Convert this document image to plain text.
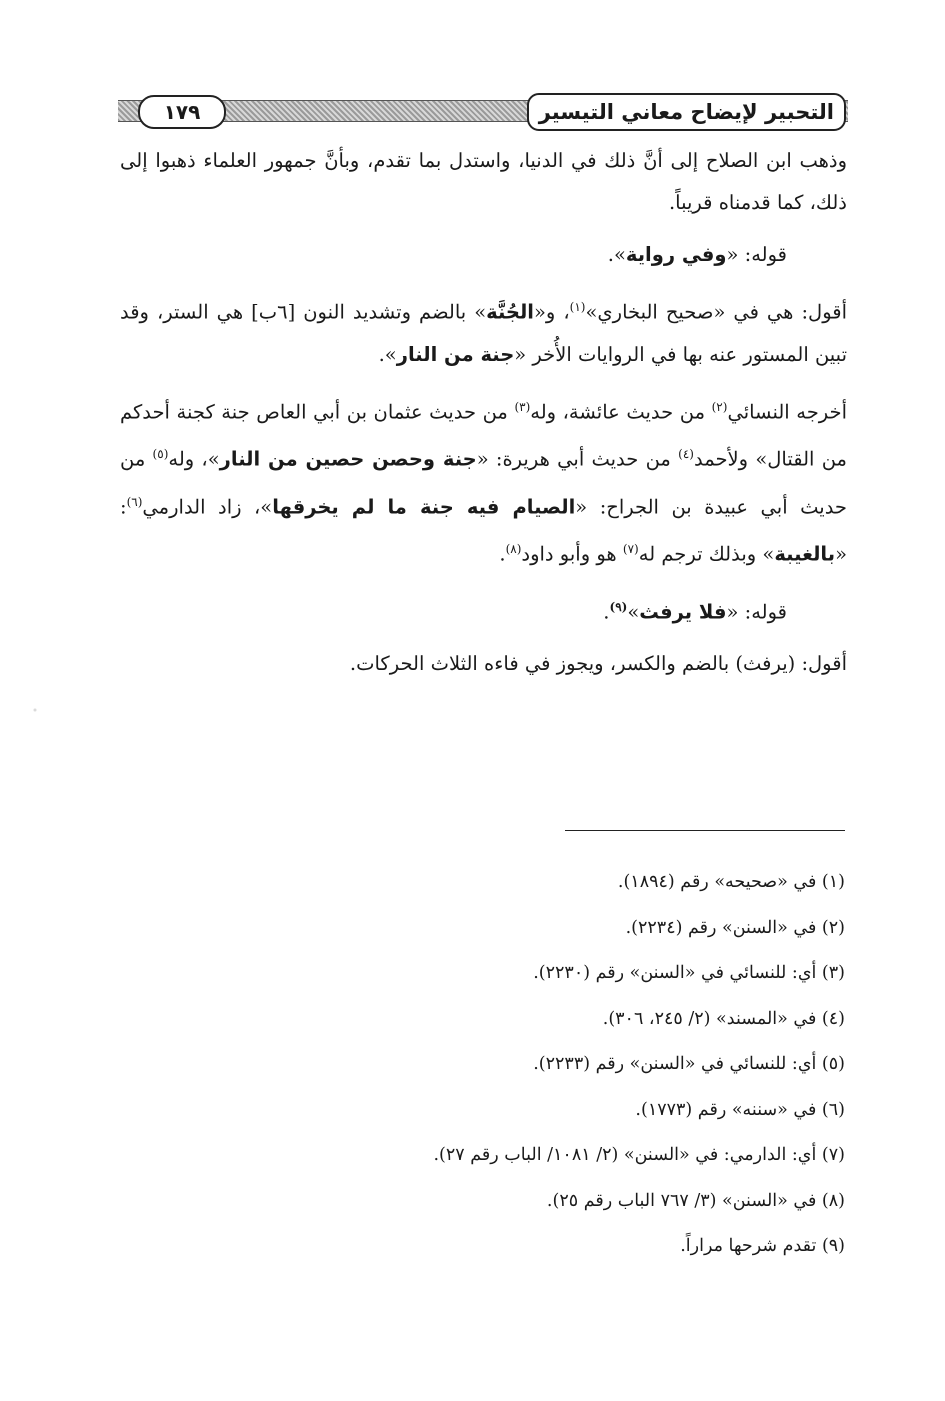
التحبير لإيضاح معاني التيسير
١٧٩

وذهب ابن الصلاح إلى أنَّ ذلك في الدنيا، واستدل بما تقدم، وبأنَّ جمهور العلماء ذهبوا إلى ذلك، كما قدمناه قريباً.

قوله: «وفي رواية».

أقول: هي في «صحيح البخاري»$^{(١)}$، و«الجُنَّة» بالضم وتشديد النون [٦ب] هي الستر، وقد تبين المستور عنه بها في الروايات الأُخر «جنة من النار».

أخرجه النسائي$^{(٢)}$ من حديث عائشة، وله$^{(٣)}$ من حديث عثمان بن أبي العاص جنة كجنة أحدكم من القتال» ولأحمد$^{(٤)}$ من حديث أبي هريرة: «جنة وحصن حصين من النار»، وله$^{(٥)}$ من حديث أبي عبيدة بن الجراح: «الصيام فيه جنة ما لم يخرقها»، زاد الدارمي$^{(٦)}$: «بالغيبة» وبذلك ترجم له$^{(٧)}$ هو وأبو داود$^{(٨)}$.

قوله: «فلا يرفث»$^{(٩)}$.

أقول: (يرفث) بالضم والكسر، ويجوز في فاءه الثلاث الحركات.

(١) في «صحيحه» رقم (١٨٩٤).
(٢) في «السنن» رقم (٢٢٣٤).
(٣) أي: للنسائي في «السنن» رقم (٢٢٣٠).
(٤) في «المسند» (٢/ ٢٤٥، ٣٠٦).
(٥) أي: للنسائي في «السنن» رقم (٢٢٣٣).
(٦) في «سننه» رقم (١٧٧٣).
(٧) أي: الدارمي: في «السنن» (٢/ ١٠٨١/ الباب رقم ٢٧).
(٨) في «السنن» (٣/ ٧٦٧ الباب رقم ٢٥).
(٩) تقدم شرحها مراراً.
